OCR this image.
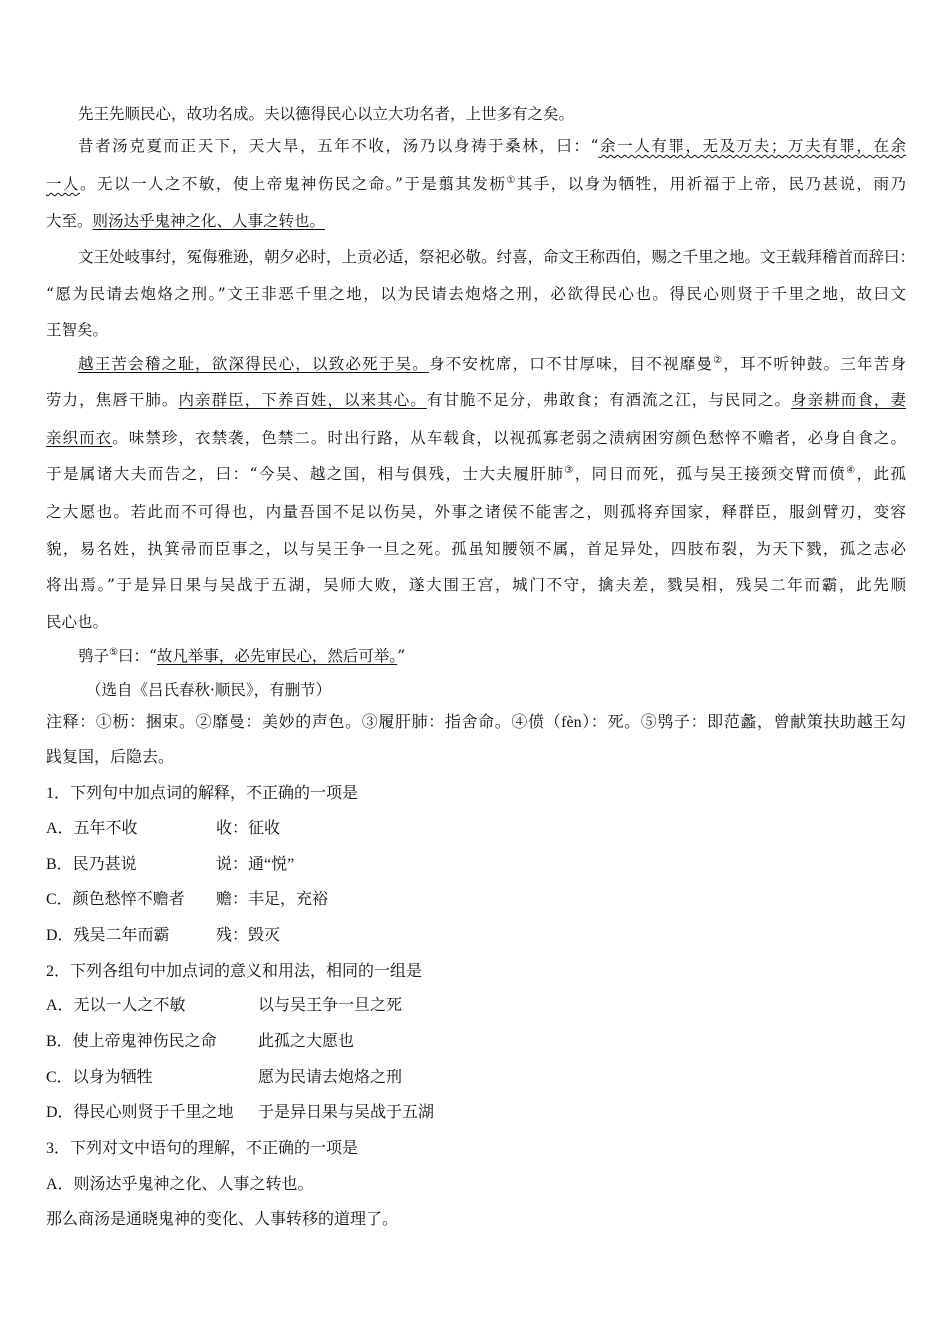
先王先顺民心，故功名成。夫以德得民心以立大功名者，上世多有之矣。
昔者汤克夏而正天下，天大旱，五年不收，汤乃以身祷于桑林，曰：“余一人有罪，无及万夫；万夫有罪，在余
一人。无以一人之不敏，使上帝鬼神伤民之命。”于是翦其发枥①其手，以身为牺牲，用祈福于上帝，民乃甚说，雨乃
大至。则汤达乎鬼神之化、人事之转也。
文王处岐事纣，冤侮雅逊，朝夕必时，上贡必适，祭祀必敬。纣喜，命文王称西伯，赐之千里之地。文王载拜稽首而辞曰：
“愿为民请去炮烙之刑。”文王非恶千里之地，以为民请去炮烙之刑，必欲得民心也。得民心则贤于千里之地，故曰文
王智矣。
越王苦会稽之耻，欲深得民心，以致必死于吴。身不安枕席，口不甘厚味，目不视靡曼②，耳不听钟鼓。三年苦身
劳力，焦唇干肺。内亲群臣，下养百姓，以来其心。有甘脆不足分，弗敢食；有酒流之江，与民同之。身亲耕而食，妻
亲织而衣。味禁珍，衣禁袭，色禁二。时出行路，从车载食，以视孤寡老弱之渍病困穷颜色愁悴不赡者，必身自食之。
于是属诸大夫而告之，曰：“今吴、越之国，相与俱残，士大夫履肝肺③，同日而死，孤与吴王接颈交臂而偾④，此孤
之大愿也。若此而不可得也，内量吾国不足以伤吴，外事之诸侯不能害之，则孤将弃国家，释群臣，服剑臂刃，变容
貌，易名姓，执箕帚而臣事之，以与吴王争一旦之死。孤虽知腰领不属，首足异处，四肢布裂，为天下戮，孤之志必
将出焉。”于是异日果与吴战于五湖，吴师大败，遂大围王宫，城门不守，擒夫差，戮吴相，残吴二年而霸，此先顺
民心也。
鸮子⑤曰：“故凡举事，必先审民心，然后可举。”
（选自《吕氏春秋·顺民》，有删节）
注释：①枥：捆束。②靡曼：美妙的声色。③履肝肺：指舍命。④偾（fèn）：死。⑤鸮子：即范蠡，曾献策扶助越王勾
践复国，后隐去。
1．下列句中加点词的解释，不正确的一项是
A．五年不收	收：征收
B．民乃甚说	说：通“悦”
C．颜色愁悴不赡者 赡：丰足，充裕
D．残吴二年而霸	残：毁灭
2．下列各组句中加点词的意义和用法，相同的一组是
A．无以一人之不敏	以与吴王争一旦之死
B．使上帝鬼神伤民之命	此孤之大愿也
C．以身为牺牲	愿为民请去炮烙之刑
D．得民心则贤于千里之地 于是异日果与吴战于五湖
3．下列对文中语句的理解，不正确的一项是
A．则汤达乎鬼神之化、人事之转也。
那么商汤是通晓鬼神的变化、人事转移的道理了。
